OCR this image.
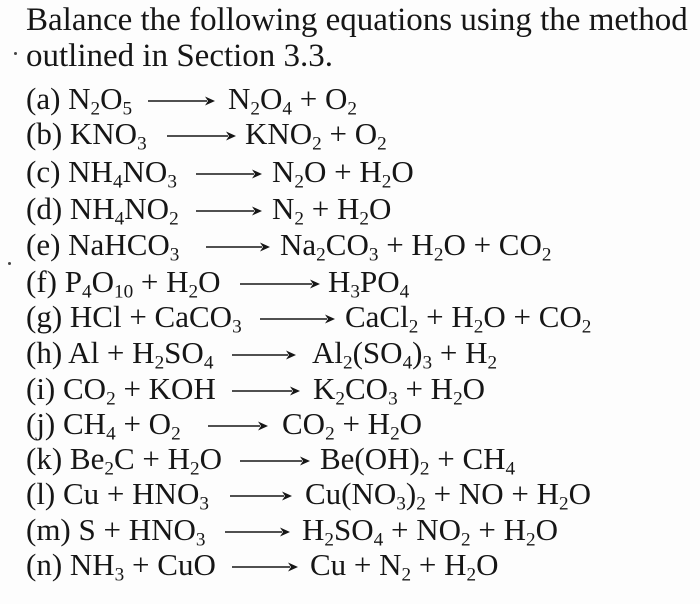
Balance the following equations using the method
outlined in Section 3.3.
(a) $N_2O_5 \to N_2O_4 + O_2$
(b) $KNO_3 \to KNO_2 + O_2$
(c) $NH_4NO_3 \to N_2O + H_2O$
(d) $NH_4NO_2 \to N_2 + H_2O$
(e) NaHCO$_3$ → $Na_2CO_3 + H_2O + CO_2$
(f) $P_4O_{10} + H_2O \to H_3PO_4$
(g) HCl + CaCO$_3$ → CaCl$_2$ + $H_2O + CO_2$
(h) $Al + H_2SO_4 \to Al_2(SO_4)_3 + H_2$
(i) $CO_2$ + KOH → $K_2CO_3 + H_2O$
(j) $CH_4 + O_2 \to CO_2 + H_2O$
(k) $Be_2C + H_2O \to Be(OH)_2 + CH_4$
(l) $Cu + HNO_3 \to Cu(NO_3)_2$ + NO + $H_2O$
(m) $S + HNO_3 \to H_2SO_4 + NO_2 + H_2O$
(n) $NH_3$ + CuO → $Cu + N_2 + H_2O$
